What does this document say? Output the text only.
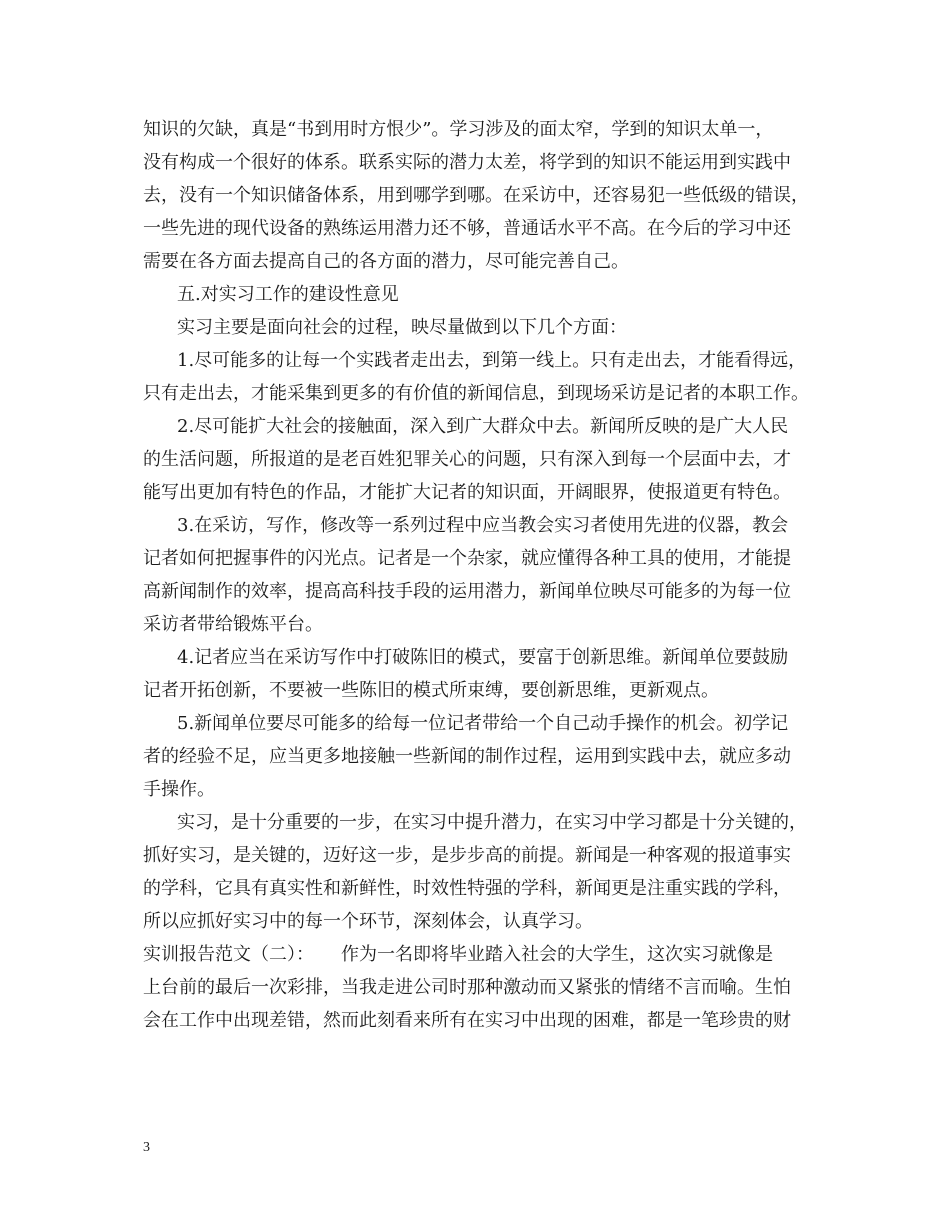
知识的欠缺，真是“书到用时方恨少”。学习涉及的面太窄，学到的知识太单一，
没有构成一个很好的体系。联系实际的潜力太差，将学到的知识不能运用到实践中
去，没有一个知识储备体系，用到哪学到哪。在采访中，还容易犯一些低级的错误，
一些先进的现代设备的熟练运用潜力还不够，普通话水平不高。在今后的学习中还
需要在各方面去提高自己的各方面的潜力，尽可能完善自己。
五.对实习工作的建设性意见
实习主要是面向社会的过程，映尽量做到以下几个方面：
1.尽可能多的让每一个实践者走出去，到第一线上。只有走出去，才能看得远，
只有走出去，才能采集到更多的有价值的新闻信息，到现场采访是记者的本职工作。
2.尽可能扩大社会的接触面，深入到广大群众中去。新闻所反映的是广大人民
的生活问题，所报道的是老百姓犯罪关心的问题，只有深入到每一个层面中去，才
能写出更加有特色的作品，才能扩大记者的知识面，开阔眼界，使报道更有特色。
3.在采访，写作，修改等一系列过程中应当教会实习者使用先进的仪器，教会
记者如何把握事件的闪光点。记者是一个杂家，就应懂得各种工具的使用，才能提
高新闻制作的效率，提高高科技手段的运用潜力，新闻单位映尽可能多的为每一位
采访者带给锻炼平台。
4.记者应当在采访写作中打破陈旧的模式，要富于创新思维。新闻单位要鼓励
记者开拓创新，不要被一些陈旧的模式所束缚，要创新思维，更新观点。
5.新闻单位要尽可能多的给每一位记者带给一个自己动手操作的机会。初学记
者的经验不足，应当更多地接触一些新闻的制作过程，运用到实践中去，就应多动
手操作。
实习，是十分重要的一步，在实习中提升潜力，在实习中学习都是十分关键的，
抓好实习，是关键的，迈好这一步，是步步高的前提。新闻是一种客观的报道事实
的学科，它具有真实性和新鲜性，时效性特强的学科，新闻更是注重实践的学科，
所以应抓好实习中的每一个环节，深刻体会，认真学习。
实训报告范文（二）：　　作为一名即将毕业踏入社会的大学生，这次实习就像是
上台前的最后一次彩排，当我走进公司时那种激动而又紧张的情绪不言而喻。生怕
会在工作中出现差错，然而此刻看来所有在实习中出现的困难，都是一笔珍贵的财
3
